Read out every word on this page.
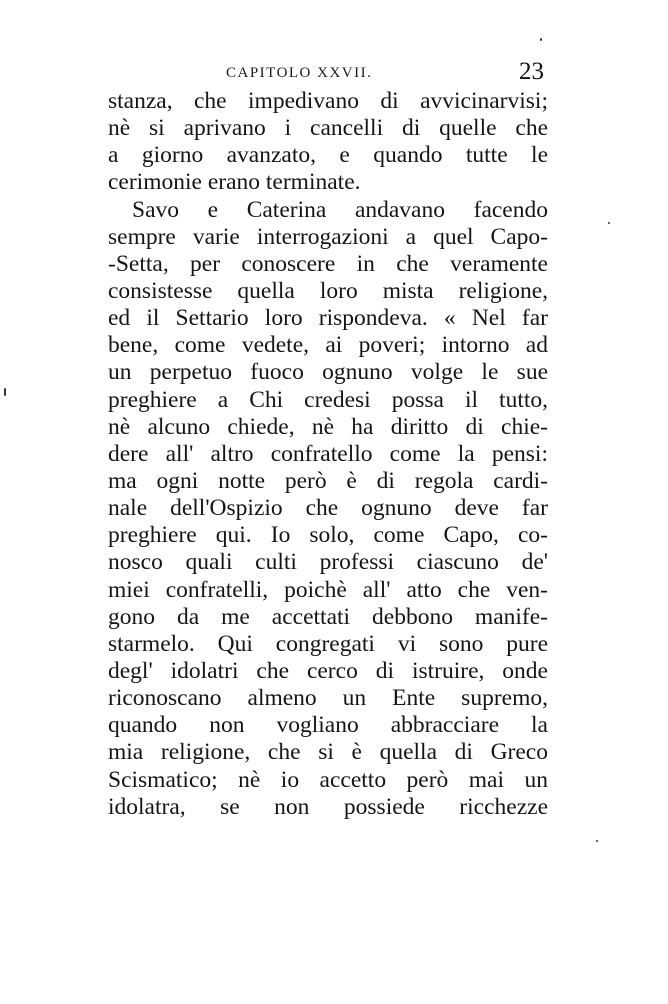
CAPITOLO XXVII.	23
stanza, che impedivano di avvicinarvisi;
nè si aprivano i cancelli di quelle che
a giorno avanzato, e quando tutte le
cerimonie erano terminate.
Savo e Caterina andavano facendo
sempre varie interrogazioni a quel Capo-
-Setta, per conoscere in che veramente
consistesse quella loro mista religione,
ed il Settario loro rispondeva. « Nel far
bene, come vedete, ai poveri; intorno ad
un perpetuo fuoco ognuno volge le sue
preghiere a Chi credesi possa il tutto,
nè alcuno chiede, nè ha diritto di chie-
dere all' altro confratello come la pensi:
ma ogni notte però è di regola cardi-
nale dell'Ospizio che ognuno deve far
preghiere qui. Io solo, come Capo, co-
nosco quali culti professi ciascuno de'
miei confratelli, poichè all' atto che ven-
gono da me accettati debbono manife-
starmelo. Qui congregati vi sono pure
degl' idolatri che cerco di istruire, onde
riconoscano almeno un Ente supremo,
quando non vogliano abbracciare la
mia religione, che si è quella di Greco
Scismatico; nè io accetto però mai un
idolatra, se non possiede ricchezze
